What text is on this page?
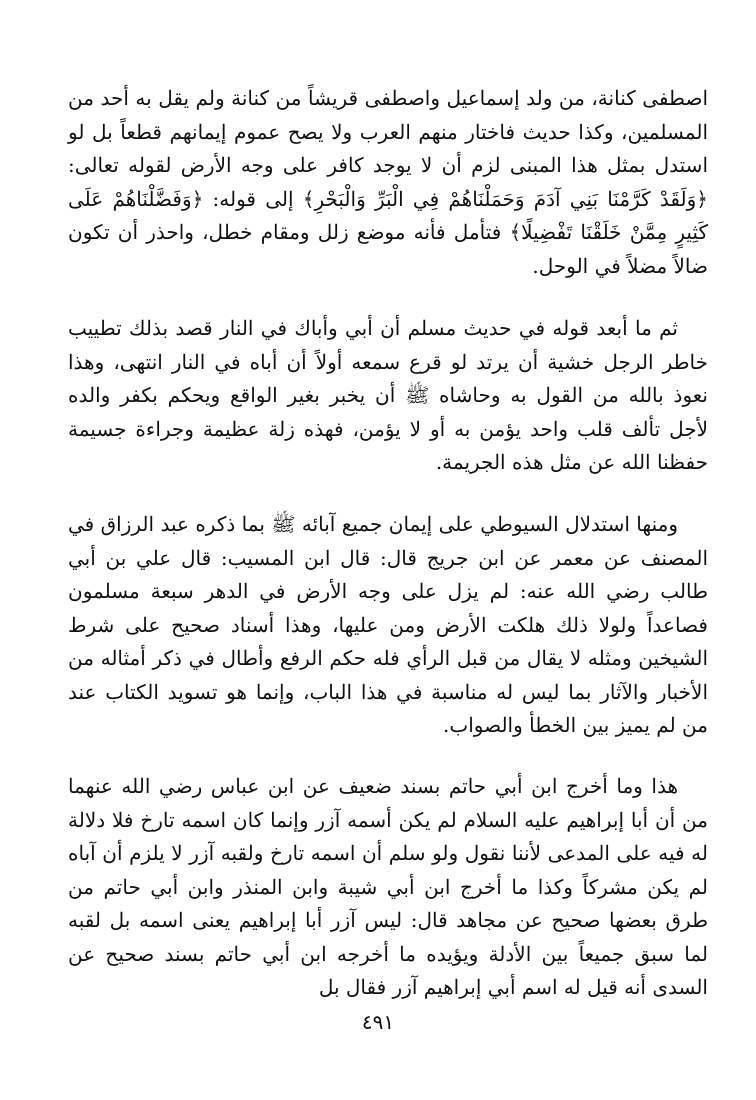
اصطفى كنانة، من ولد إسماعيل واصطفى قريشاً من كنانة ولم يقل به أحد من المسلمين، وكذا حديث فاختار منهم العرب ولا يصح عموم إيمانهم قطعاً بل لو استدل بمثل هذا المبنى لزم أن لا يوجد كافر على وجه الأرض لقوله تعالى: ﴿وَلَقَدْ كَرَّمْنَا بَنِي آدَمَ وَحَمَلْنَاهُمْ فِي الْبَرِّ وَالْبَحْرِ﴾ إلى قوله: ﴿وَفَضَّلْنَاهُمْ عَلَى كَثِيرٍ مِمَّنْ خَلَقْنَا تَفْضِيلًا﴾ فتأمل فأنه موضع زلل ومقام خطل، واحذر أن تكون ضالاً مضلاً في الوحل.

ثم ما أبعد قوله في حديث مسلم أن أبي وأباك في النار قصد بذلك تطييب خاطر الرجل خشية أن يرتد لو قرع سمعه أولاً أن أباه في النار انتهى، وهذا نعوذ بالله من القول به وحاشاه ﷺ أن يخبر بغير الواقع ويحكم بكفر والده لأجل تألف قلب واحد يؤمن به أو لا يؤمن، فهذه زلة عظيمة وجراءة جسيمة حفظنا الله عن مثل هذه الجريمة.

ومنها استدلال السيوطي على إيمان جميع آبائه ﷺ بما ذكره عبد الرزاق في المصنف عن معمر عن ابن جريج قال: قال ابن المسيب: قال علي بن أبي طالب رضي الله عنه: لم يزل على وجه الأرض في الدهر سبعة مسلمون فصاعداً ولولا ذلك هلكت الأرض ومن عليها، وهذا أسناد صحيح على شرط الشيخين ومثله لا يقال من قبل الرأي فله حكم الرفع وأطال في ذكر أمثاله من الأخبار والآثار بما ليس له مناسبة في هذا الباب، وإنما هو تسويد الكتاب عند من لم يميز بين الخطأ والصواب.

هذا وما أخرج ابن أبي حاتم بسند ضعيف عن ابن عباس رضي الله عنهما من أن أبا إبراهيم عليه السلام لم يكن أسمه آزر وإنما كان اسمه تارخ فلا دلالة له فيه على المدعى لأننا نقول ولو سلم أن اسمه تارخ ولقبه آزر لا يلزم أن آباه لم يكن مشركاً وكذا ما أخرج ابن أبي شيبة وابن المنذر وابن أبي حاتم من طرق بعضها صحيح عن مجاهد قال: ليس آزر أبا إبراهيم يعنى اسمه بل لقبه لما سبق جميعاً بين الأدلة ويؤيده ما أخرجه ابن أبي حاتم بسند صحيح عن السدى أنه قيل له اسم أبي إبراهيم آزر فقال بل

٤٩١
